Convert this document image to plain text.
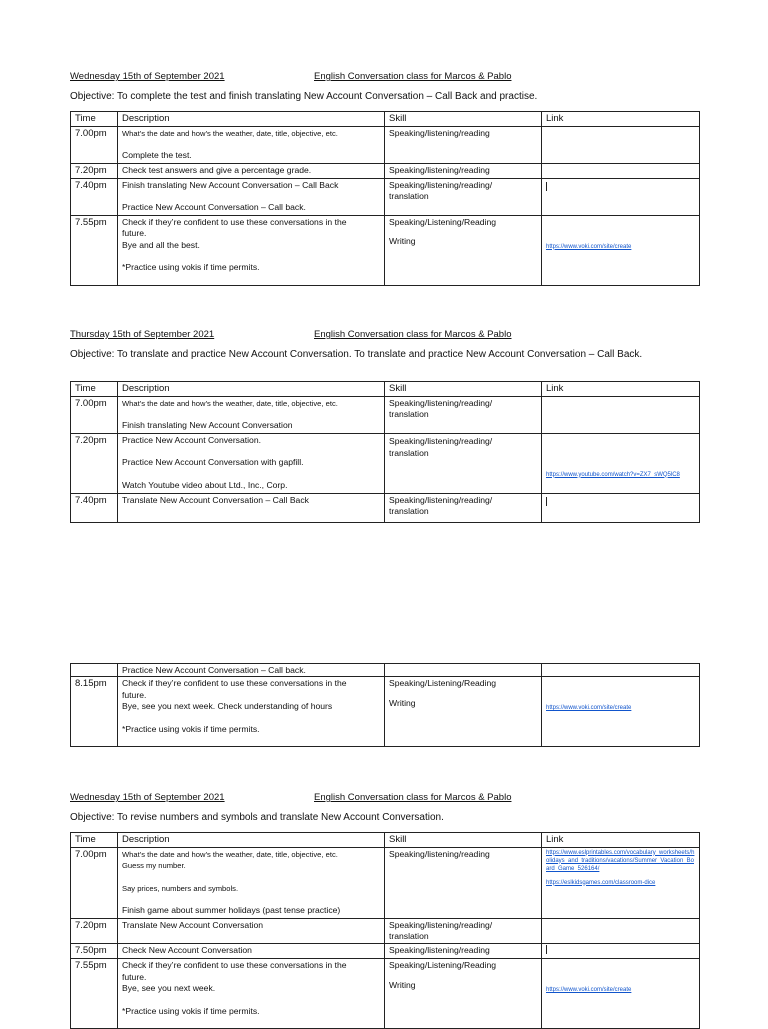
Wednesday 15th of September 2021	English Conversation class for Marcos & Pablo
Objective: To complete the test and finish translating New Account Conversation – Call Back and practise.
Time	Description	Skill	Link
7.00pm	What’s the date and how’s the weather, date, title, objective, etc.
Complete the test.	Speaking/listening/reading	
7.20pm	Check test answers and give a percentage grade.	Speaking/listening/reading	
7.40pm	Finish translating New Account Conversation – Call Back
Practice New Account Conversation – Call back.	Speaking/listening/reading/
translation	

7.55pm	Check if they’re confident to use these conversations in the
future.
Bye and all the best.
*Practice using vokis if time permits.	Speaking/Listening/Reading
Writing	https://www.voki.com/site/create
Thursday 15th of September 2021	English Conversation class for Marcos & Pablo
Objective: To translate and practice New Account Conversation. To translate and practice New Account Conversation – Call Back.
Time	Description	Skill	Link
7.00pm	What’s the date and how’s the weather, date, title, objective, etc.
Finish translating New Account Conversation	Speaking/listening/reading/
translation	

7.20pm	Practice New Account Conversation.
Practice New Account Conversation with gapfill.
Watch Youtube video about Ltd., Inc., Corp.	Speaking/listening/reading/
translation	https://www.youtube.com/watch?v=ZX7_sWQ5lC8

7.40pm	Translate New Account Conversation – Call Back	Speaking/listening/reading/
translation	

	Practice New Account Conversation – Call back.		
8.15pm	Check if they’re confident to use these conversations in the
future.
Bye, see you next week. Check understanding of hours
*Practice using vokis if time permits.	Speaking/Listening/Reading
Writing	https://www.voki.com/site/create
Wednesday 15th of September 2021	English Conversation class for Marcos & Pablo
Objective: To revise numbers and symbols and translate New Account Conversation.
Time	Description	Skill	Link
7.00pm	What’s the date and how’s the weather, date, title, objective, etc.
Guess my number.
Say prices, numbers and symbols.
Finish game about summer holidays (past tense practice)	Speaking/listening/reading	https://www.eslprintables.com/vocabulary_worksheets/holidays_and_traditions/vacations/Summer_Vacation_Board_Game_526164/
https://eslkidsgames.com/classroom-dice

7.20pm	Translate New Account Conversation	Speaking/listening/reading/
translation	

7.50pm	Check New Account Conversation	Speaking/listening/reading	
7.55pm	Check if they’re confident to use these conversations in the
future.
Bye, see you next week.
*Practice using vokis if time permits.	Speaking/Listening/Reading
Writing	https://www.voki.com/site/create
